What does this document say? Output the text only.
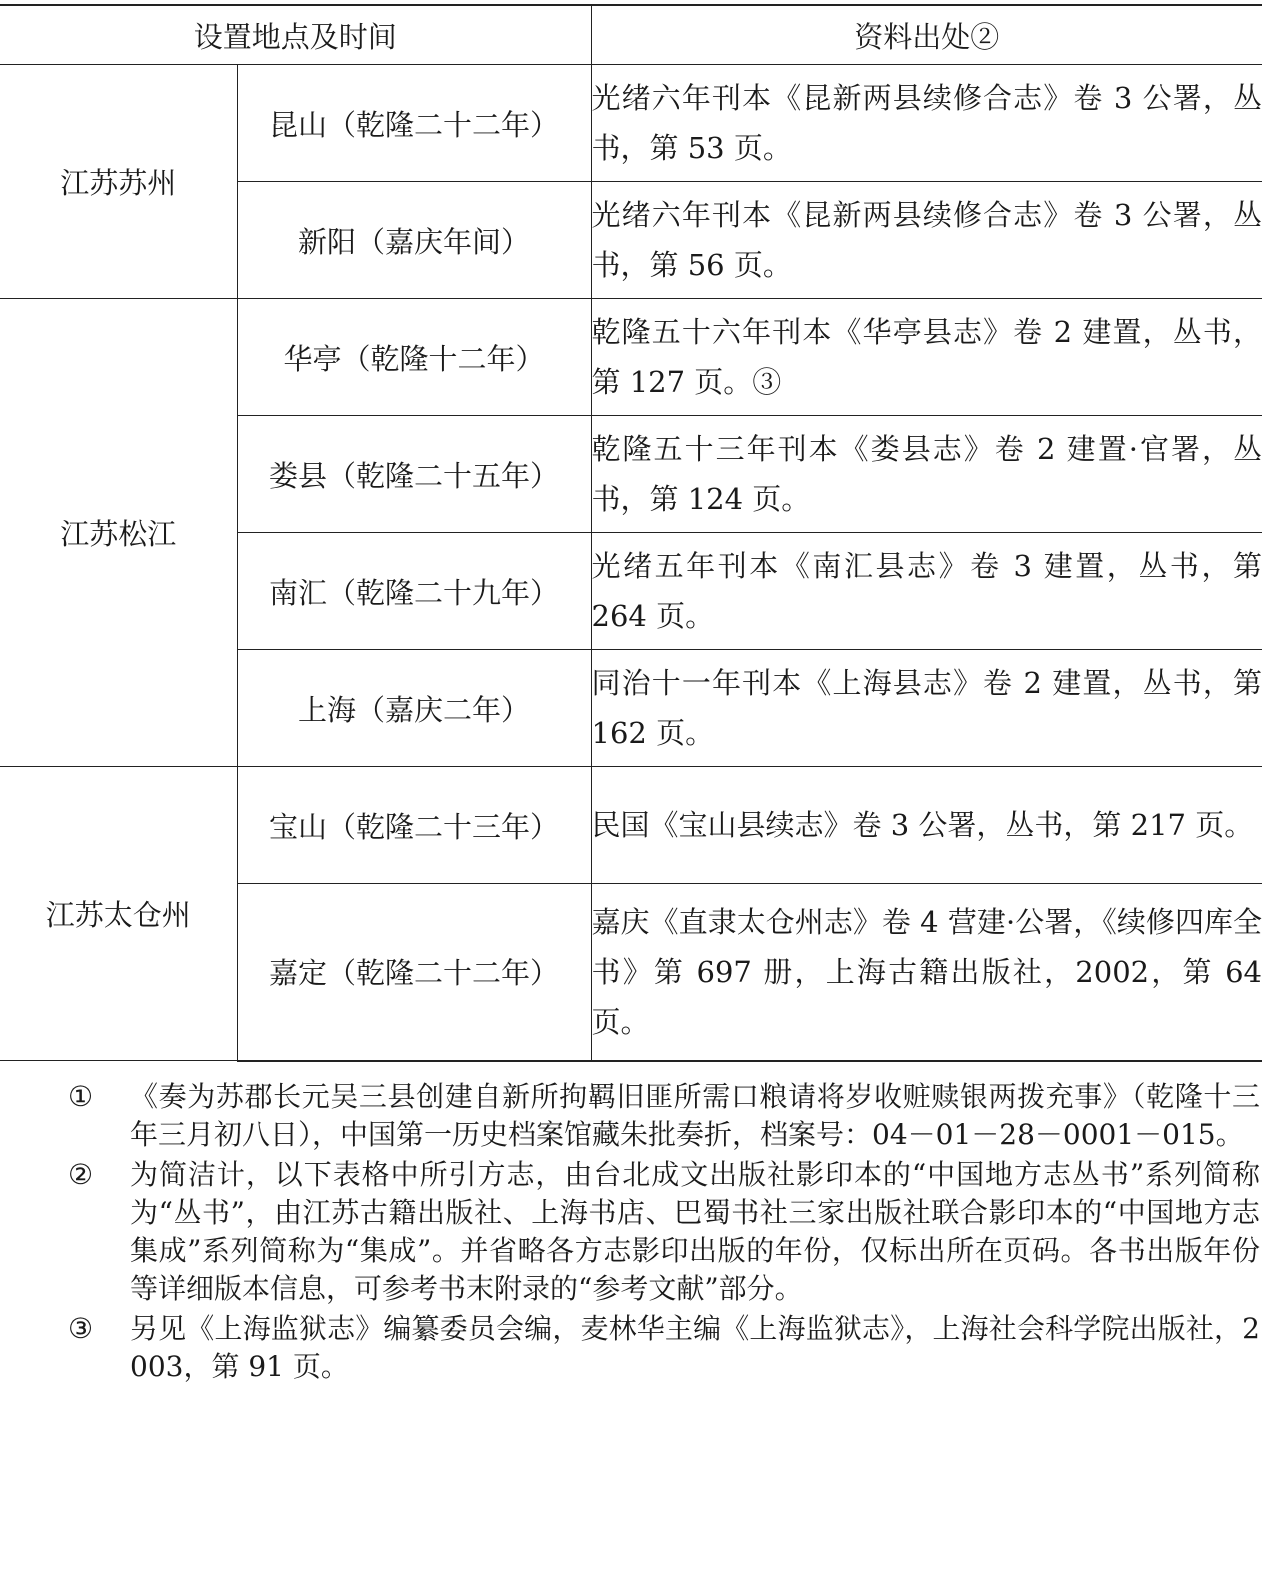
设置地点及时间		资料出处②
江苏苏州	昆山（乾隆二十二年）	光绪六年刊本《昆新两县续修合志》卷 3 公署，丛书，第 53 页。
	新阳（嘉庆年间）	光绪六年刊本《昆新两县续修合志》卷 3 公署，丛书，第 56 页。
江苏松江	华亭（乾隆十二年）	乾隆五十六年刊本《华亭县志》卷 2 建置，丛书，第 127 页。③
	娄县（乾隆二十五年）	乾隆五十三年刊本《娄县志》卷 2 建置·官署，丛书，第 124 页。
	南汇（乾隆二十九年）	光绪五年刊本《南汇县志》卷 3 建置，丛书，第 264 页。
	上海（嘉庆二年）	同治十一年刊本《上海县志》卷 2 建置，丛书，第 162 页。
江苏太仓州	宝山（乾隆二十三年）	民国《宝山县续志》卷 3 公署，丛书，第 217 页。
	嘉定（乾隆二十二年）	嘉庆《直隶太仓州志》卷 4 营建·公署，《续修四库全书》第 697 册，上海古籍出版社，2002，第 64 页。
①	《奏为苏郡长元吴三县创建自新所拘羁旧匪所需口粮请将岁收赃赎银两拨充事》（乾隆十三年三月初八日），中国第一历史档案馆藏朱批奏折，档案号：04－01－28－0001－015。
②	为简洁计，以下表格中所引方志，由台北成文出版社影印本的“中国地方志丛书”系列简称为“丛书”，由江苏古籍出版社、上海书店、巴蜀书社三家出版社联合影印本的“中国地方志集成”系列简称为“集成”。并省略各方志影印出版的年份，仅标出所在页码。各书出版年份等详细版本信息，可参考书末附录的“参考文献”部分。
③	另见《上海监狱志》编纂委员会编，麦林华主编《上海监狱志》，上海社会科学院出版社，2003，第 91 页。
